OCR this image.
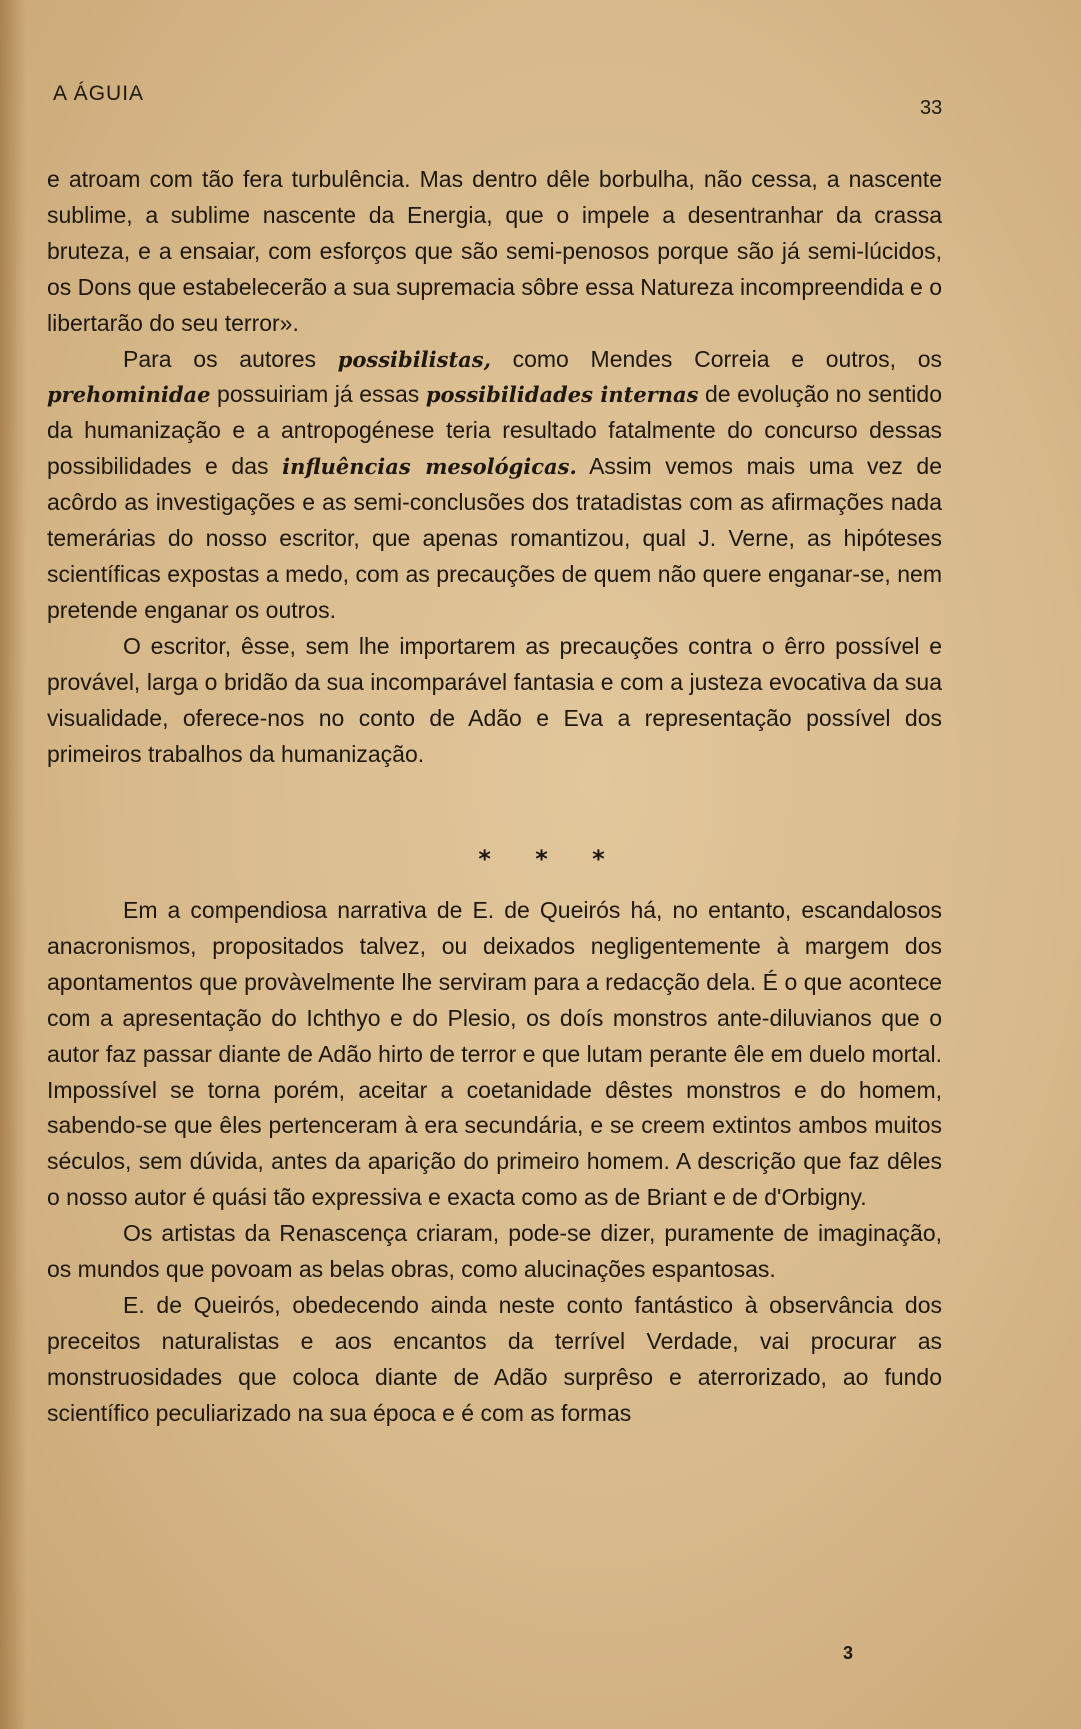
A ÁGUIA
33

e atroam com tão fera turbulência. Mas dentro dêle borbulha, não cessa, a nascente sublime, a sublime nascente da Energia, que o impele a desentranhar da crassa bruteza, e a ensaiar, com esforços que são semi-penosos porque são já semi-lúcidos, os Dons que estabelecerão a sua supremacia sôbre essa Natureza incompreendida e o libertarão do seu terror».

Para os autores possibilistas, como Mendes Correia e outros, os prehominidae possuiriam já essas possibilidades internas de evolução no sentido da humanização e a antropogénese teria resultado fatalmente do concurso dessas possibilidades e das influências mesológicas. Assim vemos mais uma vez de acôrdo as investigações e as semi-conclusões dos tratadistas com as afirmações nada temerárias do nosso escritor, que apenas romantizou, qual J. Verne, as hipóteses scientíficas expostas a medo, com as precauções de quem não quere enganar-se, nem pretende enganar os outros.

O escritor, êsse, sem lhe importarem as precauções contra o êrro possível e provável, larga o bridão da sua incomparável fantasia e com a justeza evocativa da sua visualidade, oferece-nos no conto de Adão e Eva a representação possível dos primeiros trabalhos da humanização.

* * *

Em a compendiosa narrativa de E. de Queirós há, no entanto, escandalosos anacronismos, propositados talvez, ou deixados negligentemente à margem dos apontamentos que provàvelmente lhe serviram para a redacção dela. É o que acontece com a apresentação do Ichthyo e do Plesio, os doís monstros ante-diluvianos que o autor faz passar diante de Adão hirto de terror e que lutam perante êle em duelo mortal. Impossível se torna porém, aceitar a coetanidade dêstes monstros e do homem, sabendo-se que êles pertenceram à era secundária, e se creem extintos ambos muitos séculos, sem dúvida, antes da aparição do primeiro homem. A descrição que faz dêles o nosso autor é quási tão expressiva e exacta como as de Briant e de d'Orbigny.

Os artistas da Renascença criaram, pode-se dizer, puramente de imaginação, os mundos que povoam as belas obras, como alucinações espantosas.

E. de Queirós, obedecendo ainda neste conto fantástico à observância dos preceitos naturalistas e aos encantos da terrível Verdade, vai procurar as monstruosidades que coloca diante de Adão surprêso e aterrorizado, ao fundo scientífico peculiarizado na sua época e é com as formas

3
